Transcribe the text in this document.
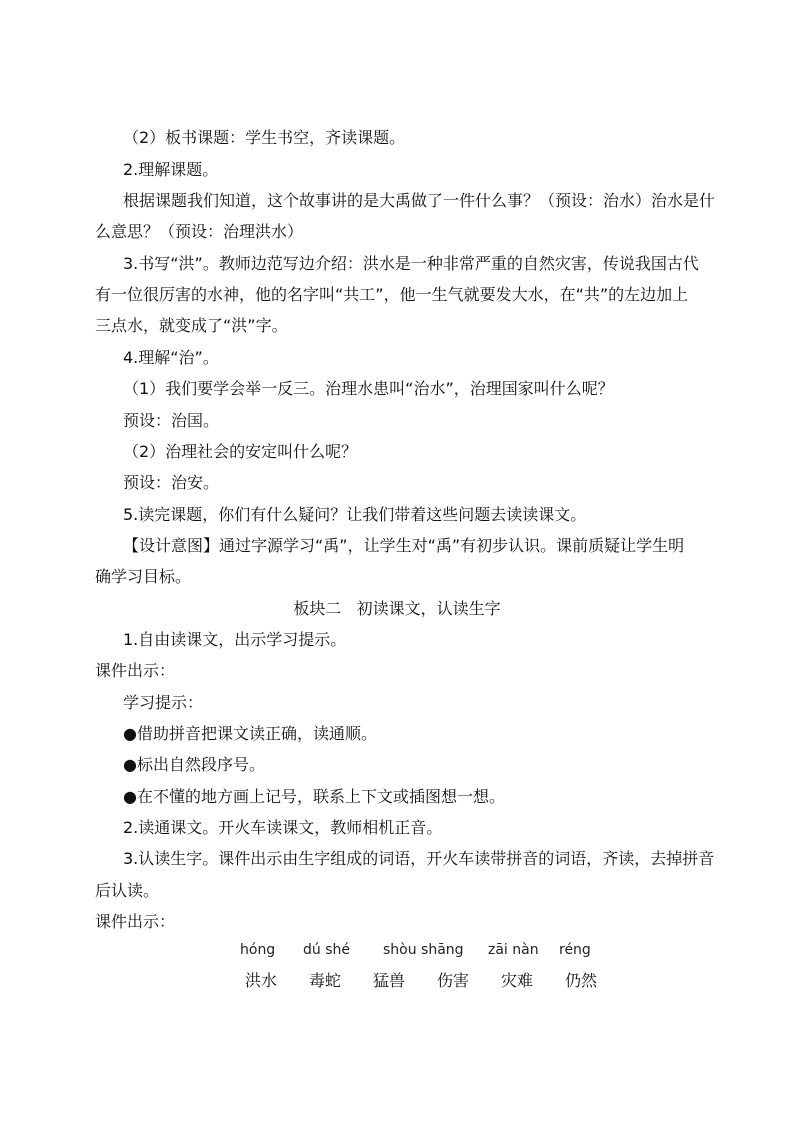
（2）板书课题：学生书空，齐读课题。
2.理解课题。
根据课题我们知道，这个故事讲的是大禹做了一件什么事？（预设：治水）治水是什
么意思？（预设：治理洪水）
3.书写“洪”。教师边范写边介绍：洪水是一种非常严重的自然灾害，传说我国古代
有一位很厉害的水神，他的名字叫“共工”，他一生气就要发大水，在“共”的左边加上
三点水，就变成了“洪”字。
4.理解“治”。
（1）我们要学会举一反三。治理水患叫“治水”，治理国家叫什么呢？
预设：治国。
（2）治理社会的安定叫什么呢？
预设：治安。
5.读完课题，你们有什么疑问？让我们带着这些问题去读读课文。
【设计意图】通过字源学习“禹”，让学生对“禹”有初步认识。课前质疑让学生明
确学习目标。
板块二   初读课文，认读生字
1.自由读课文，出示学习提示。
课件出示：
学习提示：
●借助拼音把课文读正确，读通顺。
●标出自然段序号。
●在不懂的地方画上记号，联系上下文或插图想一想。
2.读通课文。开火车读课文，教师相机正音。
3.认读生字。课件出示由生字组成的词语，开火车读带拼音的词语，齐读，去掉拼音
后认读。
课件出示：
hóng dú shé shòu shāng zāi nàn réng
洪水 毒蛇 猛兽 伤害 灾难 仍然
